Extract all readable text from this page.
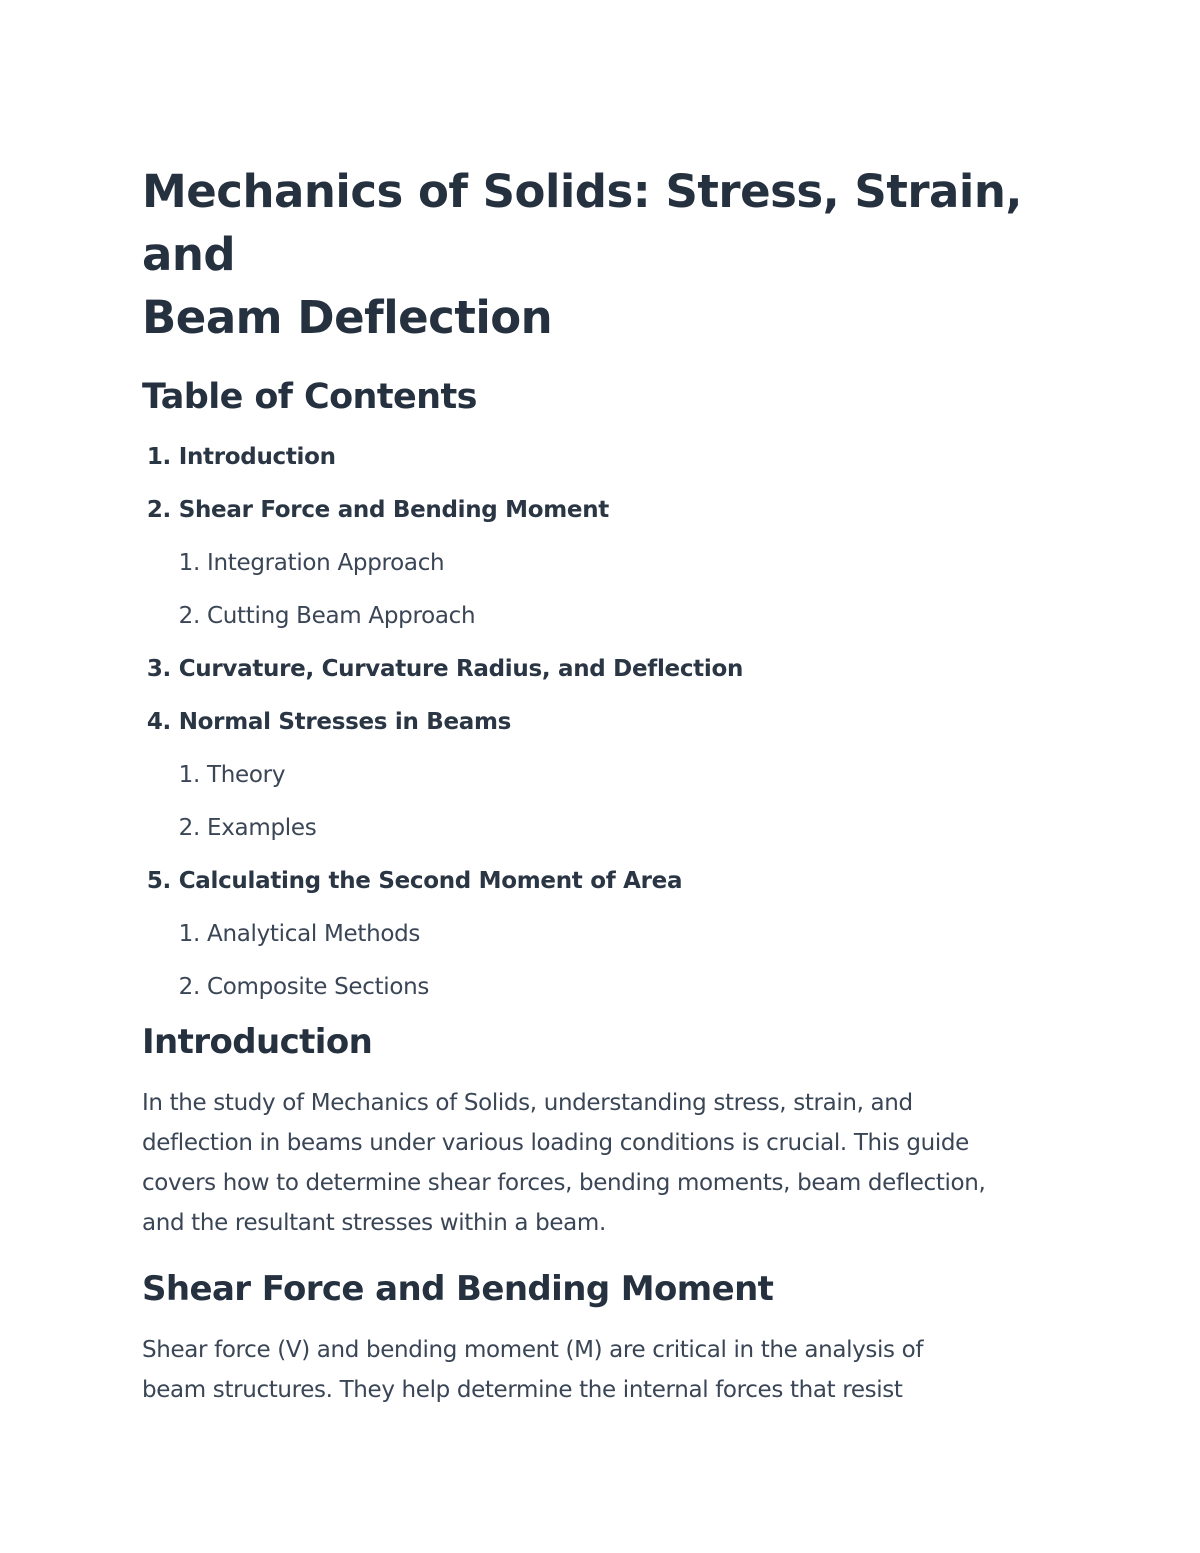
Mechanics of Solids: Stress, Strain, and
Beam Deflection
Table of Contents
1. Introduction
2. Shear Force and Bending Moment
1. Integration Approach
2. Cutting Beam Approach
3. Curvature, Curvature Radius, and Deflection
4. Normal Stresses in Beams
1. Theory
2. Examples
5. Calculating the Second Moment of Area
1. Analytical Methods
2. Composite Sections
Introduction

In the study of Mechanics of Solids, understanding stress, strain, and
deflection in beams under various loading conditions is crucial. This guide
covers how to determine shear forces, bending moments, beam deflection,
and the resultant stresses within a beam.

Shear Force and Bending Moment

Shear force (V) and bending moment (M) are critical in the analysis of
beam structures. They help determine the internal forces that resist
